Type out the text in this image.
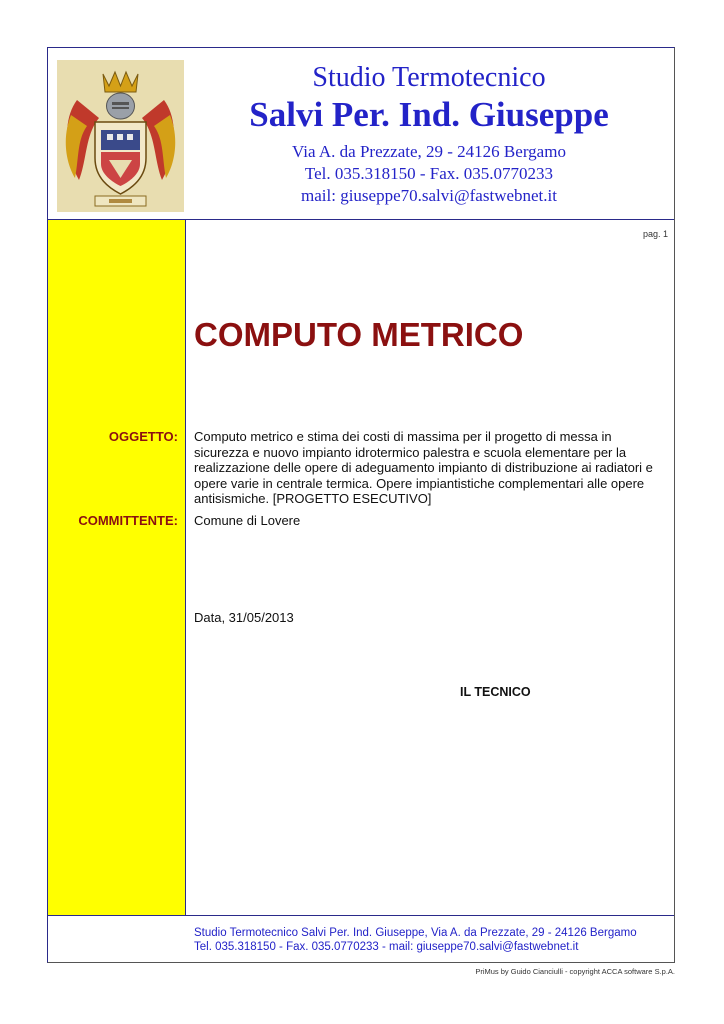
Studio Termotecnico
Salvi Per. Ind. Giuseppe
Via A. da Prezzate, 29 - 24126 Bergamo
Tel. 035.318150 - Fax. 035.0770233
mail: giuseppe70.salvi@fastwebnet.it
pag. 1
COMPUTO METRICO
OGGETTO: Computo metrico e stima dei costi di massima per il progetto di messa in sicurezza e nuovo impianto idrotermico palestra e scuola elementare per la realizzazione delle opere di adeguamento impianto di distribuzione ai radiatori e opere varie in centrale termica. Opere impiantistiche complementari alle opere antisismiche. [PROGETTO ESECUTIVO]
COMMITTENTE: Comune di Lovere
Data, 31/05/2013
IL TECNICO
Studio Termotecnico Salvi Per. Ind. Giuseppe, Via A. da Prezzate, 29 - 24126 Bergamo
Tel. 035.318150 - Fax. 035.0770233 - mail: giuseppe70.salvi@fastwebnet.it
PriMus by Guido Cianciulli - copyright ACCA software S.p.A.
